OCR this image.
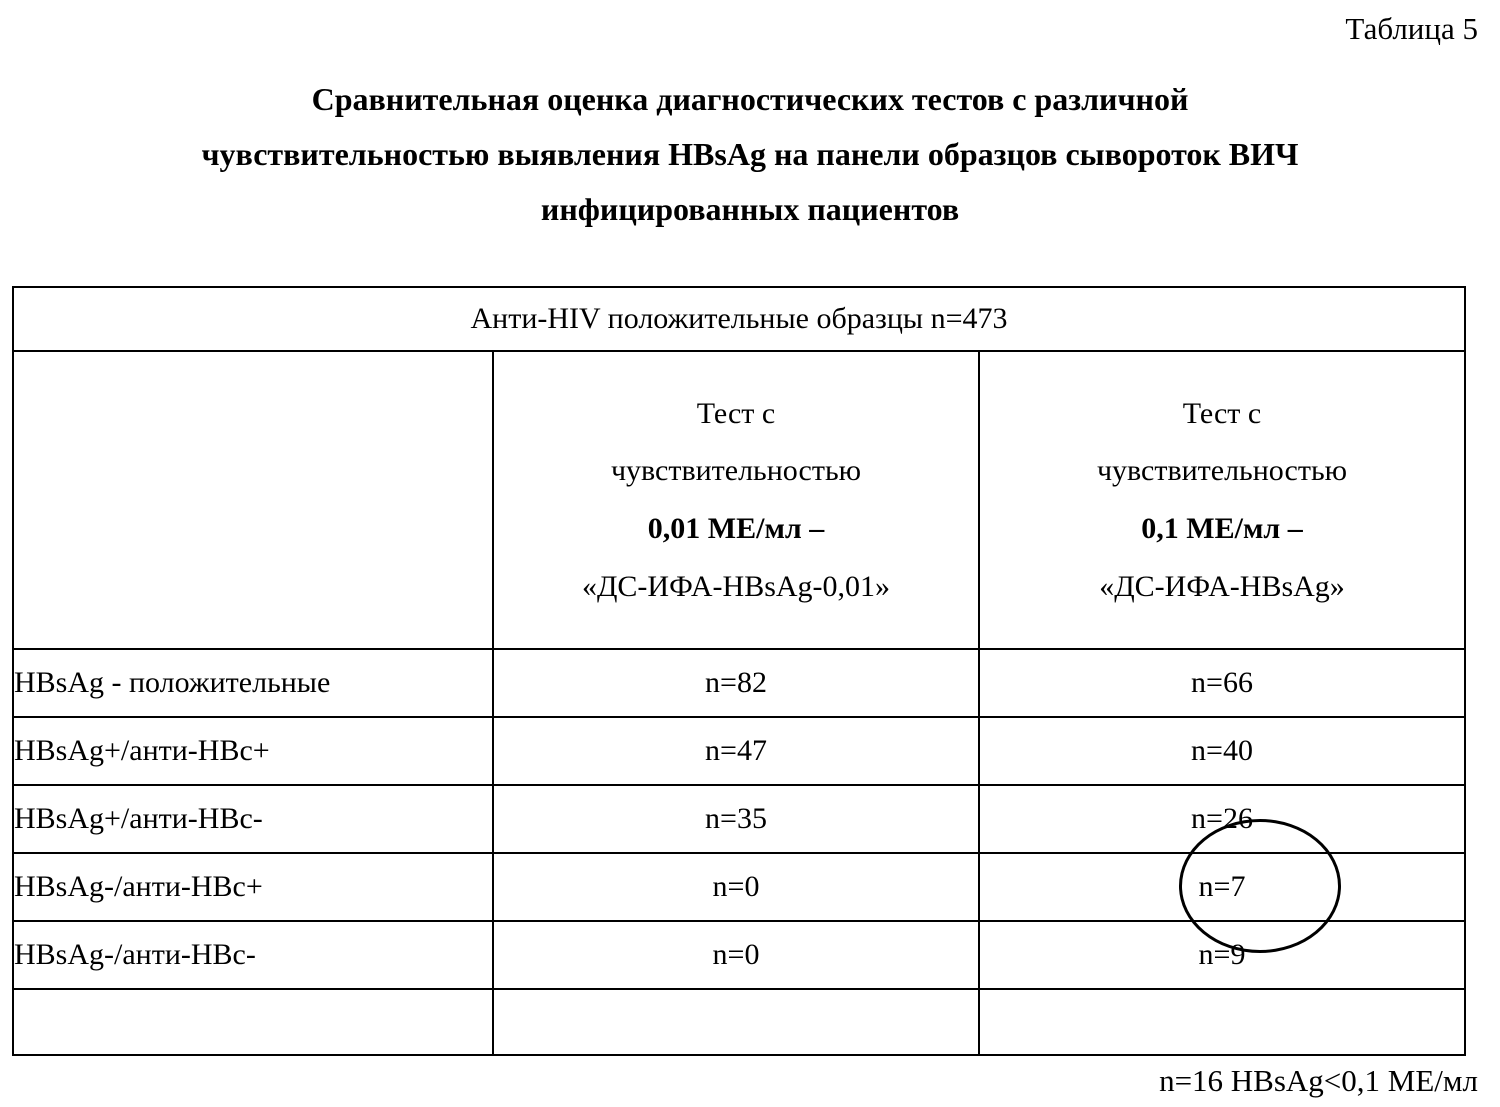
Таблица 5
Сравнительная оценка диагностических тестов с различной
чувствительностью выявления HBsAg на панели образцов сывороток ВИЧ
инфицированных пациентов
Анти-HIV положительные образцы n=473		

Тест с
чувствительностью
0,01 МЕ/мл –
«ДС-ИФА-HBsAg-0,01»

Тест с
чувствительностью
0,1 МЕ/мл –
«ДС-ИФА-HBsAg»

HBsAg - положительные	n=82	n=66
HBsAg+/анти-HBc+	n=47	n=40
HBsAg+/анти-HBc-	n=35	n=26
HBsAg-/анти-HBc+	n=0	n=7
HBsAg-/анти-HBc-	n=0	n=9

n=16 HBsAg<0,1 МЕ/мл
